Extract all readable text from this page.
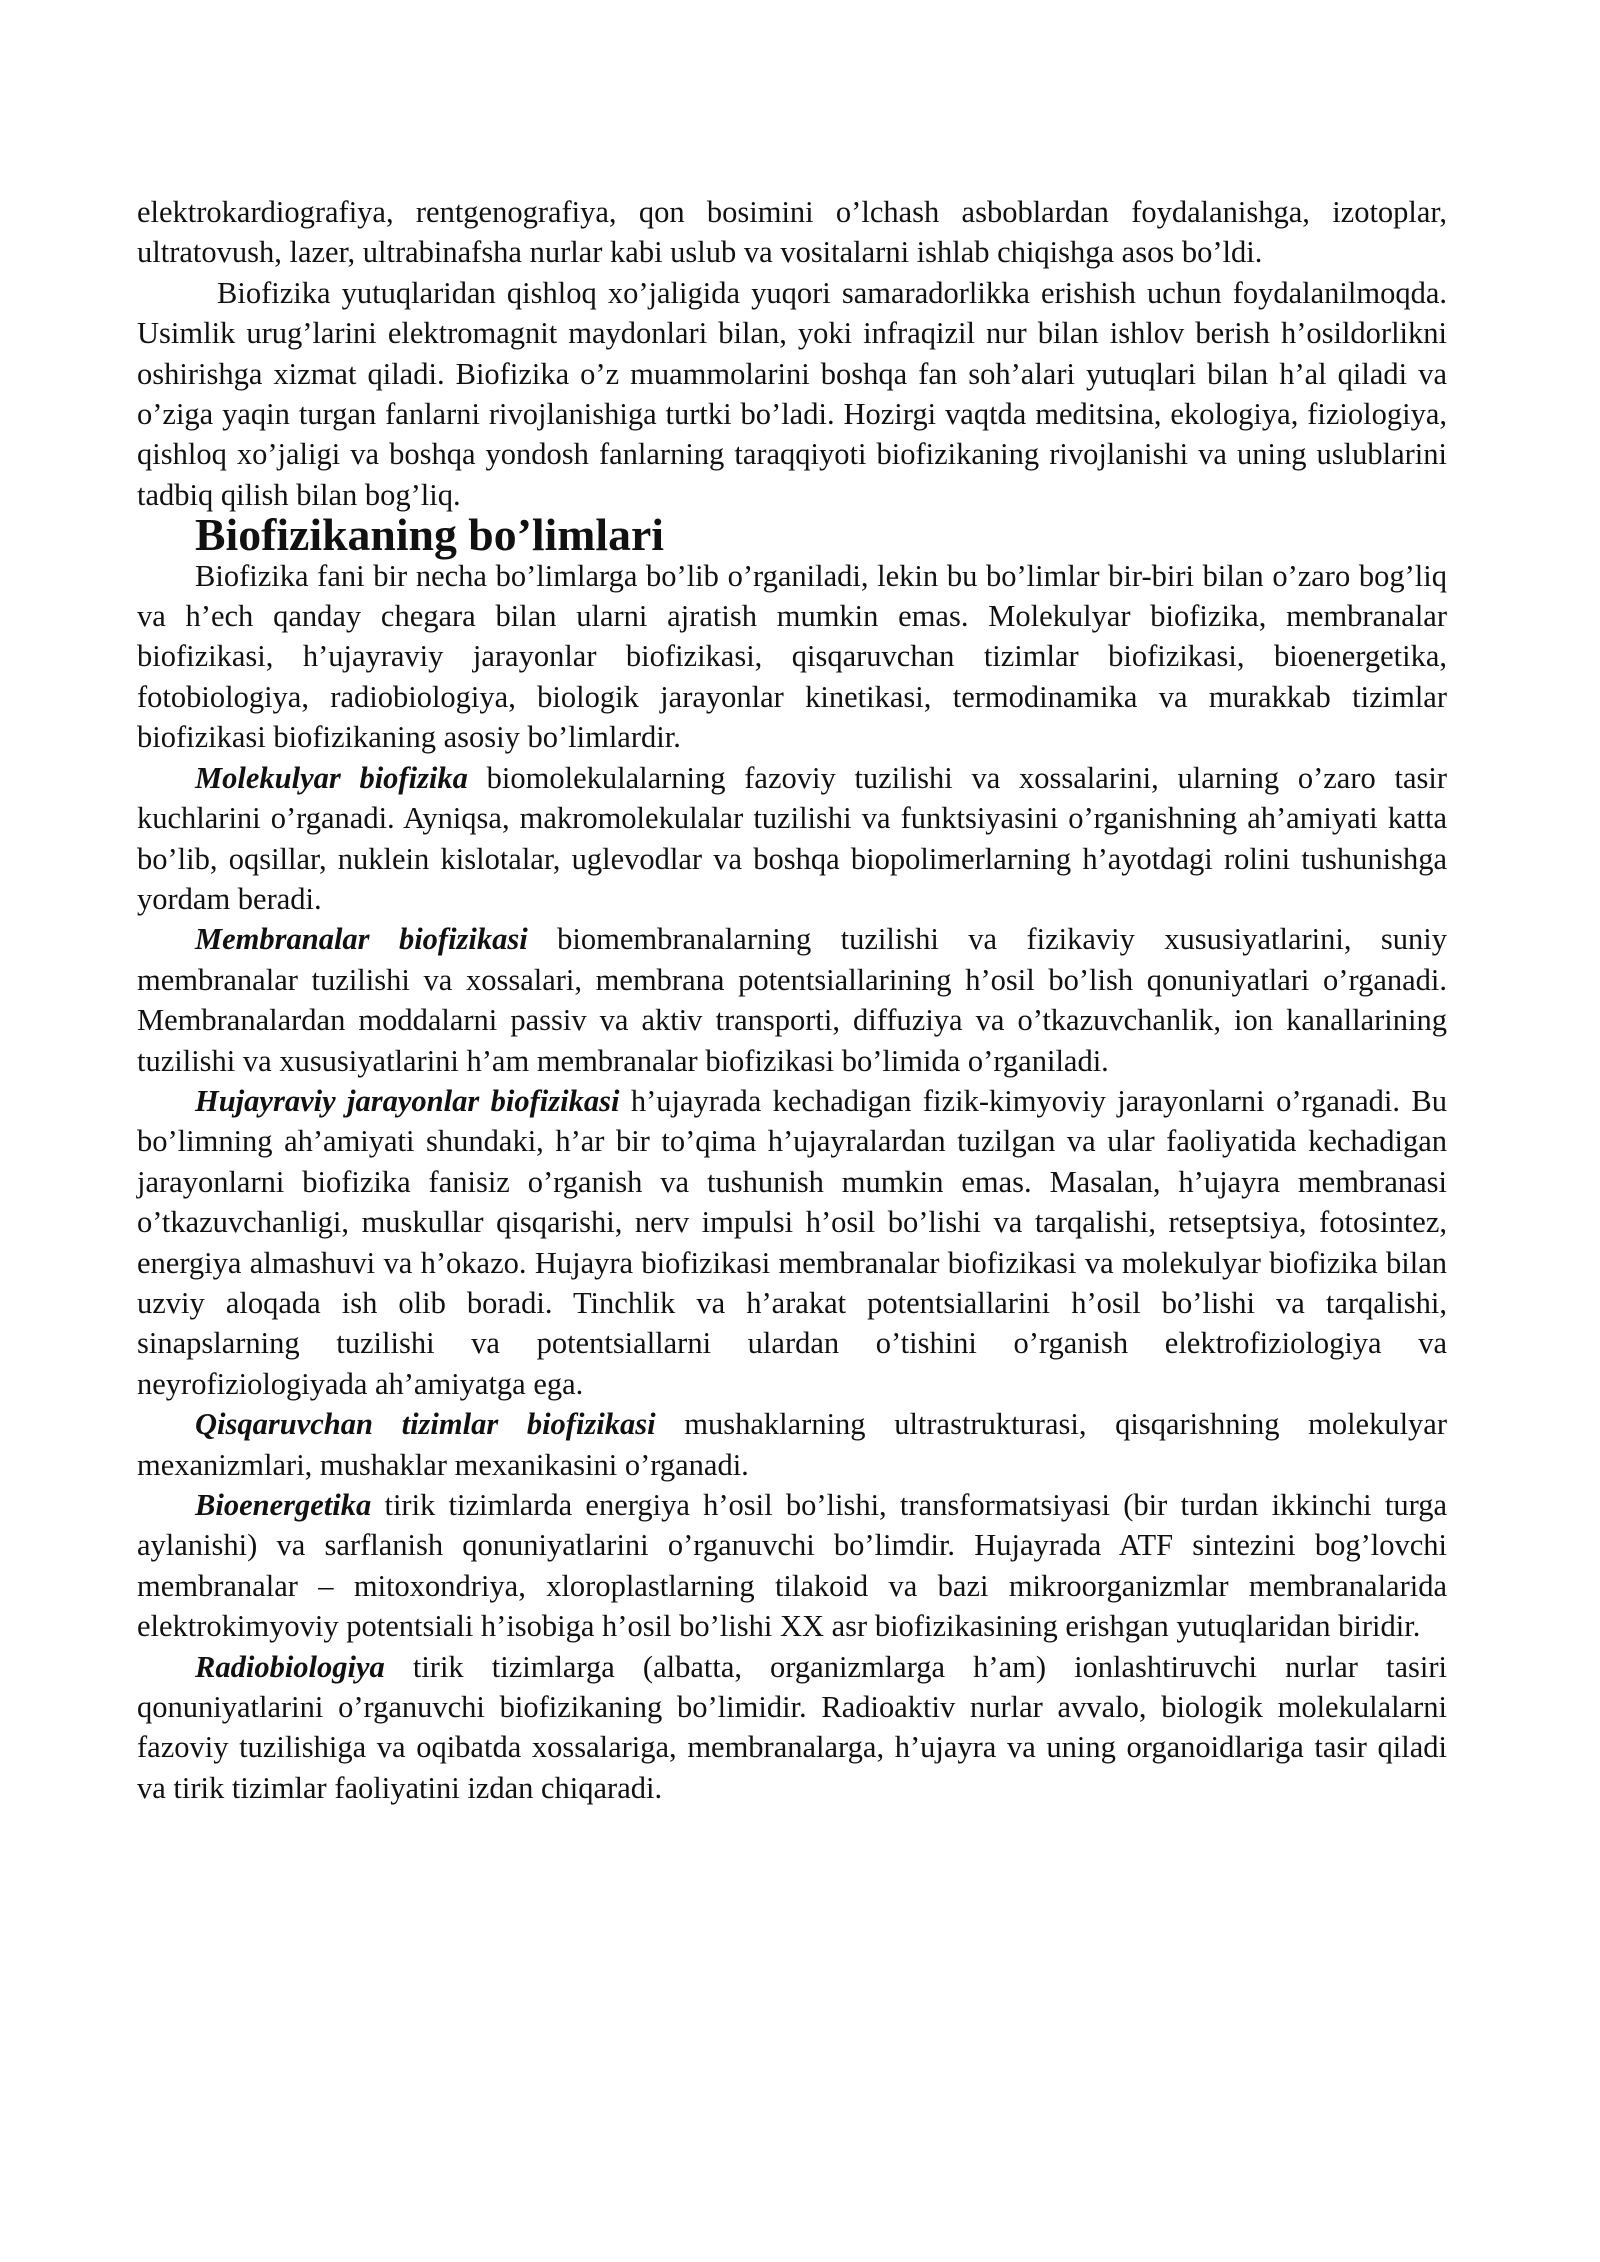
elektrokardiografiya, rentgenografiya, qon bosimini o’lchash asboblardan foydalanishga, izotoplar, ultratovush, lazer, ultrabinafsha nurlar kabi uslub va vositalarni ishlab chiqishga asos bo’ldi.

Biofizika yutuqlaridan qishloq xo’jaligida yuqori samaradorlikka erishish uchun foydalanilmoqda. Usimlik urug’larini elektromagnit maydonlari bilan, yoki infraqizil nur bilan ishlov berish h’osildorlikni oshirishga xizmat qiladi. Biofizika o’z muammolarini boshqa fan soh’alari yutuqlari bilan h’al qiladi va o’ziga yaqin turgan fanlarni rivojlanishiga turtki bo’ladi. Hozirgi vaqtda meditsina, ekologiya, fiziologiya, qishloq xo’jaligi va boshqa yondosh fanlarning taraqqiyoti biofizikaning rivojlanishi va uning uslublarini tadbiq qilish bilan bog’liq.

Biofizikaning bo’limlari

Biofizika fani bir necha bo’limlarga bo’lib o’rganiladi, lekin bu bo’limlar bir-biri bilan o’zaro bog’liq va h’ech qanday chegara bilan ularni ajratish mumkin emas. Molekulyar biofizika, membranalar biofizikasi, h’ujayraviy jarayonlar biofizikasi, qisqaruvchan tizimlar biofizikasi, bioenergetika, fotobiologiya, radiobiologiya, biologik jarayonlar kinetikasi, termodinamika va murakkab tizimlar biofizikasi biofizikaning asosiy bo’limlardir.

Molekulyar biofizika biomolekulalarning fazoviy tuzilishi va xossalarini, ularning o’zaro tasir kuchlarini o’rganadi. Ayniqsa, makromolekulalar tuzilishi va funktsiyasini o’rganishning ah’amiyati katta bo’lib, oqsillar, nuklein kislotalar, uglevodlar va boshqa biopolimerlarning h’ayotdagi rolini tushunishga yordam beradi.

Membranalar biofizikasi biomembranalarning tuzilishi va fizikaviy xususiyatlarini, suniy membranalar tuzilishi va xossalari, membrana potentsiallarining h’osil bo’lish qonuniyatlari o’rganadi. Membranalardan moddalarni passiv va aktiv transporti, diffuziya va o’tkazuvchanlik, ion kanallarining tuzilishi va xususiyatlarini h’am membranalar biofizikasi bo’limida o’rganiladi.

Hujayraviy jarayonlar biofizikasi h’ujayrada kechadigan fizik-kimyoviy jarayonlarni o’rganadi. Bu bo’limning ah’amiyati shundaki, h’ar bir to’qima h’ujayralardan tuzilgan va ular faoliyatida kechadigan jarayonlarni biofizika fanisiz o’rganish va tushunish mumkin emas. Masalan, h’ujayra membranasi o’tkazuvchanligi, muskullar qisqarishi, nerv impulsi h’osil bo’lishi va tarqalishi, retseptsiya, fotosintez, energiya almashuvi va h’okazo. Hujayra biofizikasi membranalar biofizikasi va molekulyar biofizika bilan uzviy aloqada ish olib boradi. Tinchlik va h’arakat potentsiallarini h’osil bo’lishi va tarqalishi, sinapslarning tuzilishi va potentsiallarni ulardan o’tishini o’rganish elektrofiziologiya va neyrofiziologiyada ah’amiyatga ega.

Qisqaruvchan tizimlar biofizikasi mushaklarning ultrastrukturasi, qisqarishning molekulyar mexanizmlari, mushaklar mexanikasini o’rganadi.

Bioenergetika tirik tizimlarda energiya h’osil bo’lishi, transformatsiyasi (bir turdan ikkinchi turga aylanishi) va sarflanish qonuniyatlarini o’rganuvchi bo’limdir. Hujayrada ATF sintezini bog’lovchi membranalar – mitoxondriya, xloroplastlarning tilakoid va bazi mikroorganizmlar membranalarida elektrokimyoviy potentsiali h’isobiga h’osil bo’lishi XX asr biofizikasining erishgan yutuqlaridan biridir.

Radiobiologiya tirik tizimlarga (albatta, organizmlarga h’am) ionlashtiruvchi nurlar tasiri qonuniyatlarini o’rganuvchi biofizikaning bo’limidir. Radioaktiv nurlar avvalo, biologik molekulalarni fazoviy tuzilishiga va oqibatda xossalariga, membranalarga, h’ujayra va uning organoidlariga tasir qiladi va tirik tizimlar faoliyatini izdan chiqaradi.
